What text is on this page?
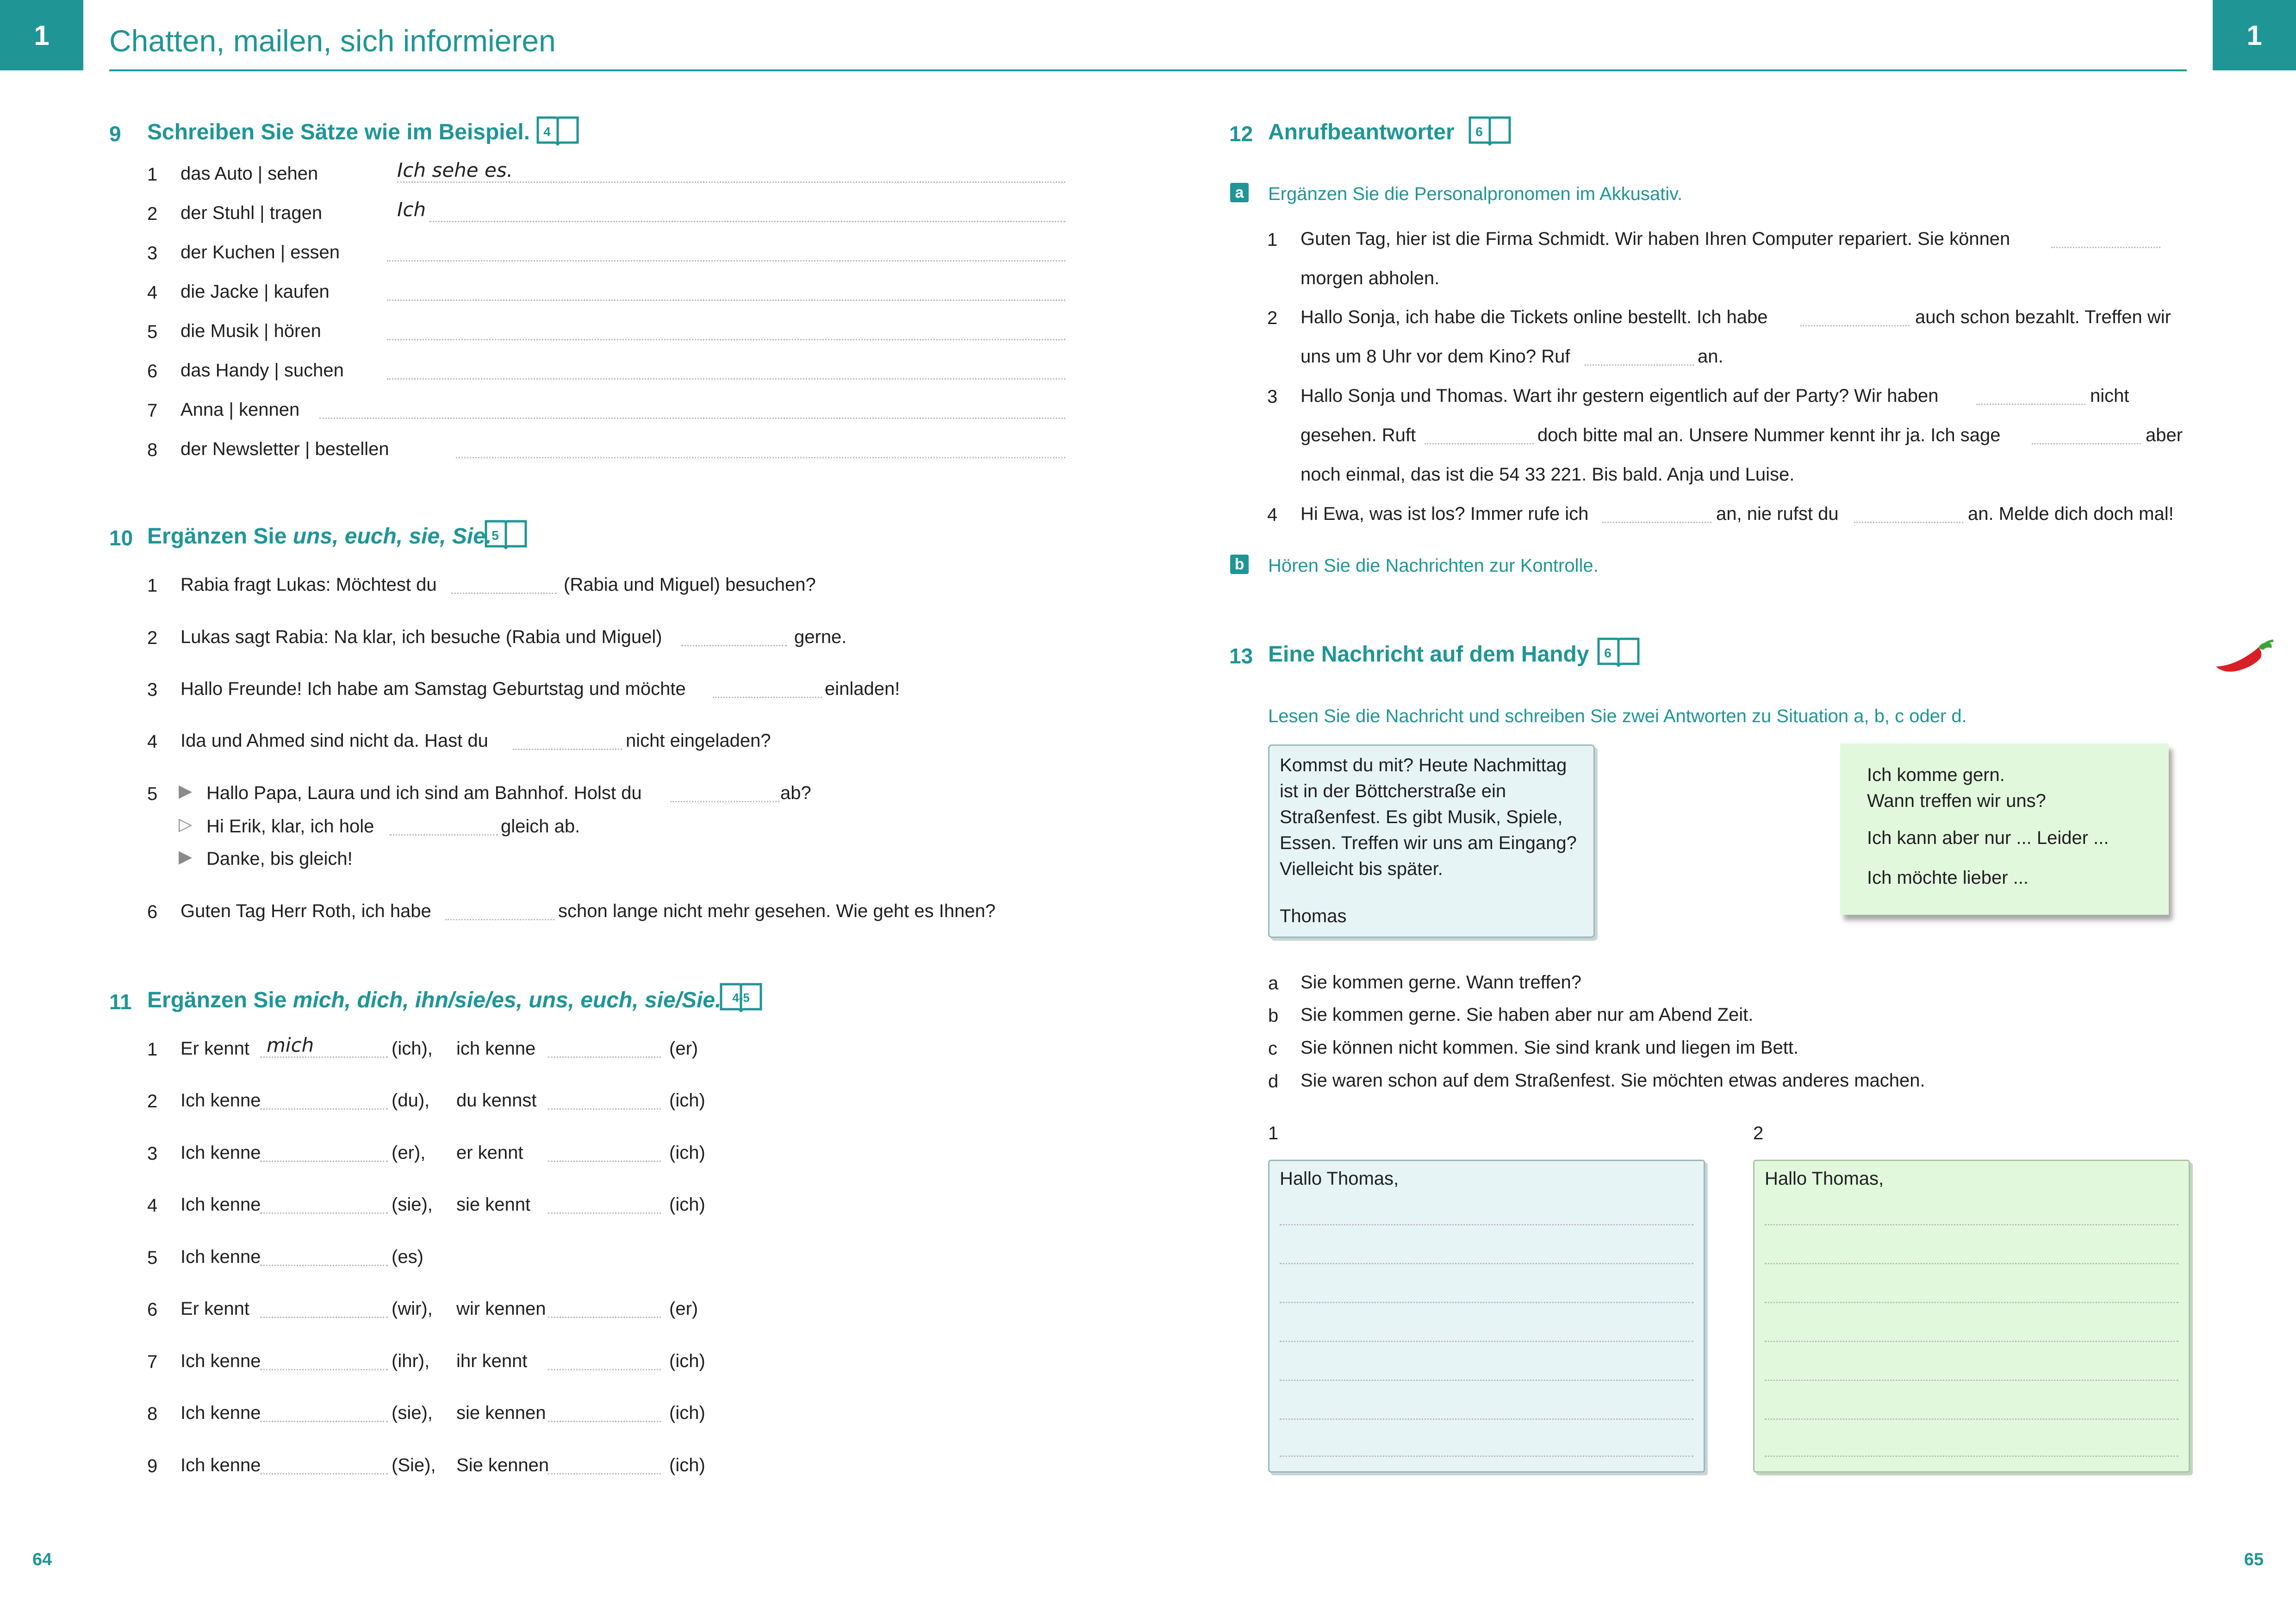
1	1
Chatten, mailen, sich informieren
9 Schreiben Sie Sätze wie im Beispiel. 4
1 das Auto | sehen	Ich sehe es.
2 der Stuhl | tragen	Ich
3 der Kuchen | essen
4 die Jacke | kaufen
5 die Musik | hören
6 das Handy | suchen
7 Anna | kennen
8 der Newsletter | bestellen
10 Ergänzen Sie uns, euch, sie, Sie. 5
1 Rabia fragt Lukas: Möchtest du	(Rabia und Miguel) besuchen?
2 Lukas sagt Rabia: Na klar, ich besuche (Rabia und Miguel)	gerne.
3 Hallo Freunde! Ich habe am Samstag Geburtstag und möchte	einladen!
4 Ida und Ahmed sind nicht da. Hast du	nicht eingeladen?
5 ▶ Hallo Papa, Laura und ich sind am Bahnhof. Holst du	ab?
▷ Hi Erik, klar, ich hole	gleich ab.
▶ Danke, bis gleich!
6 Guten Tag Herr Roth, ich habe	schon lange nicht mehr gesehen. Wie geht es Ihnen?
11 Ergänzen Sie mich, dich, ihn/sie/es, uns, euch, sie/Sie. 4-5
1 Er kennt mich	(ich), ich kenne	(er)
2 Ich kenne	(du), du kennst	(ich)
3 Ich kenne	(er), er kennt	(ich)
4 Ich kenne	(sie), sie kennt	(ich)
5 Ich kenne	(es)
6 Er kennt	(wir), wir kennen	(er)
7 Ich kenne	(ihr), ihr kennt	(ich)
8 Ich kenne	(sie), sie kennen	(ich)
9 Ich kenne	(Sie), Sie kennen	(ich)
12 Anrufbeantworter 6
a Ergänzen Sie die Personalpronomen im Akkusativ.
1 Guten Tag, hier ist die Firma Schmidt. Wir haben Ihren Computer repariert. Sie können
morgen abholen.
2 Hallo Sonja, ich habe die Tickets online bestellt. Ich habe	auch schon bezahlt. Treffen wir
uns um 8 Uhr vor dem Kino? Ruf	an.
3 Hallo Sonja und Thomas. Wart ihr gestern eigentlich auf der Party? Wir haben	nicht
gesehen. Ruft	doch bitte mal an. Unsere Nummer kennt ihr ja. Ich sage	aber
noch einmal, das ist die 54 33 221. Bis bald. Anja und Luise.
4 Hi Ewa, was ist los? Immer rufe ich	an, nie rufst du	an. Melde dich doch mal!
b Hören Sie die Nachrichten zur Kontrolle.
13 Eine Nachricht auf dem Handy 6
Lesen Sie die Nachricht und schreiben Sie zwei Antworten zu Situation a, b, c oder d.
Kommst du mit? Heute Nachmittag
ist in der Böttcherstraße ein
Straßenfest. Es gibt Musik, Spiele,
Essen. Treffen wir uns am Eingang?
Vielleicht bis später.
Thomas
Ich komme gern.
Wann treffen wir uns?
Ich kann aber nur ... Leider ...
Ich möchte lieber ...
a Sie kommen gerne. Wann treffen?
b Sie kommen gerne. Sie haben aber nur am Abend Zeit.
c Sie können nicht kommen. Sie sind krank und liegen im Bett.
d Sie waren schon auf dem Straßenfest. Sie möchten etwas anderes machen.
1	2
Hallo Thomas,	Hallo Thomas,
64	65
